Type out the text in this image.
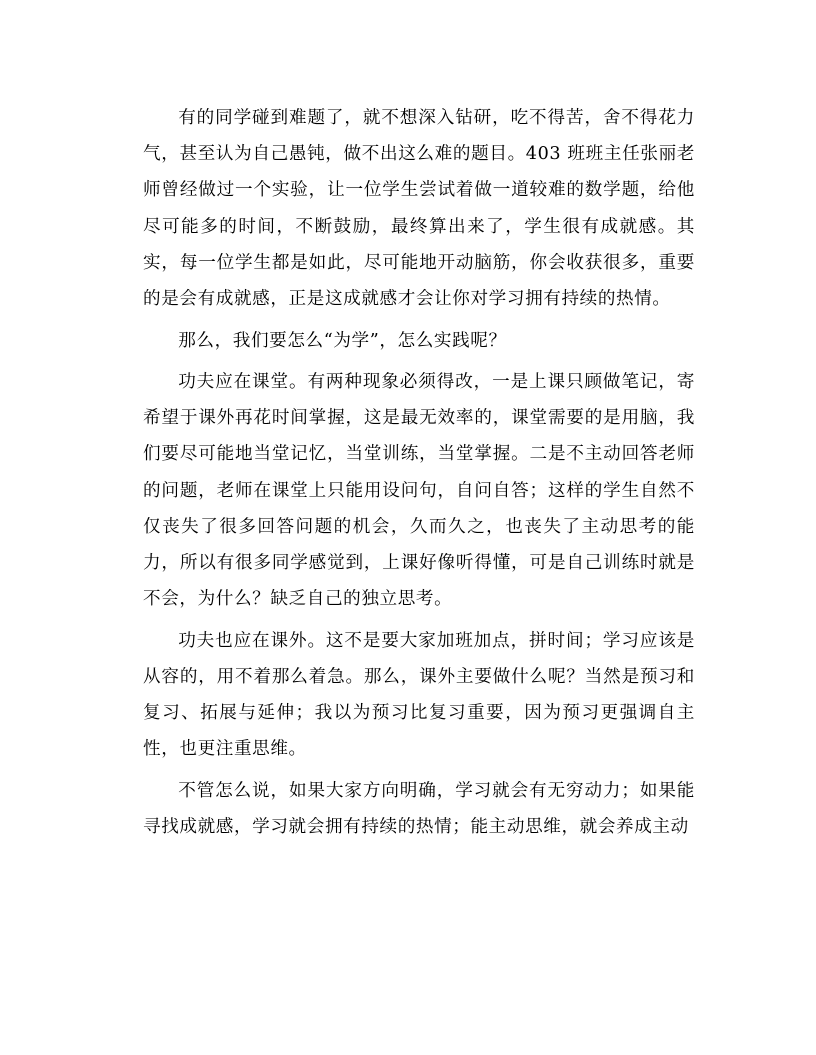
有的同学碰到难题了，就不想深入钻研，吃不得苦，舍不得花力气，甚至认为自己愚钝，做不出这么难的题目。403 班班主任张丽老师曾经做过一个实验，让一位学生尝试着做一道较难的数学题，给他尽可能多的时间，不断鼓励，最终算出来了，学生很有成就感。其实，每一位学生都是如此，尽可能地开动脑筋，你会收获很多，重要的是会有成就感，正是这成就感才会让你对学习拥有持续的热情。

那么，我们要怎么“为学”，怎么实践呢？

功夫应在课堂。有两种现象必须得改，一是上课只顾做笔记，寄希望于课外再花时间掌握，这是最无效率的，课堂需要的是用脑，我们要尽可能地当堂记忆，当堂训练，当堂掌握。二是不主动回答老师的问题，老师在课堂上只能用设问句，自问自答；这样的学生自然不仅丧失了很多回答问题的机会，久而久之，也丧失了主动思考的能力，所以有很多同学感觉到，上课好像听得懂，可是自己训练时就是不会，为什么？缺乏自己的独立思考。

功夫也应在课外。这不是要大家加班加点，拼时间；学习应该是从容的，用不着那么着急。那么，课外主要做什么呢？当然是预习和复习、拓展与延伸；我以为预习比复习重要，因为预习更强调自主性，也更注重思维。

不管怎么说，如果大家方向明确，学习就会有无穷动力；如果能寻找成就感，学习就会拥有持续的热情；能主动思维，就会养成主动
